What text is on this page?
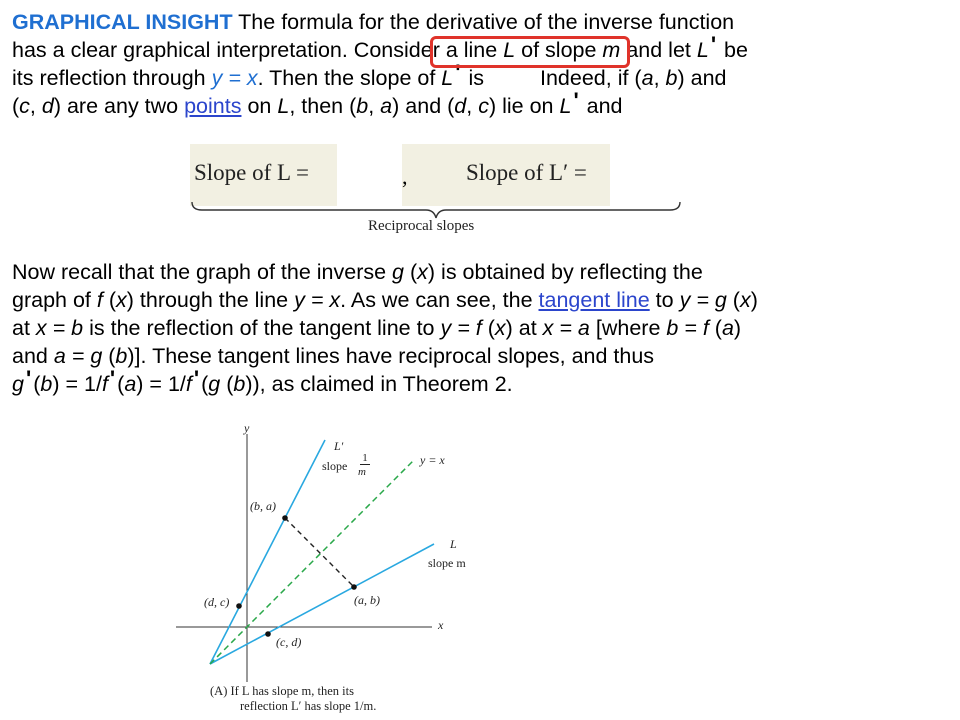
GRAPHICAL INSIGHT The formula for the derivative of the inverse function
has a clear graphical interpretation. Consider a line L of slope m and let L' be
its reflection through y = x. Then the slope of L' is	Indeed, if (a, b) and
(c, d) are any two points on L, then (b, a) and (d, c) lie on L' and
Slope of L =	,	Slope of L′ =
Reciprocal slopes
Now recall that the graph of the inverse g (x) is obtained by reflecting the
graph of f (x) through the line y = x. As we can see, the tangent line to y = g (x)
at x = b is the reflection of the tangent line to y = f (x) at x = a [where b = f (a)
and a = g (b)]. These tangent lines have reciprocal slopes, and thus
g'(b) = 1/f'(a) = 1/f'(g (b)), as claimed in Theorem 2.
y
x
L′
slope
1
m
y = x
(b, a)
L
slope m
(d, c)	(a, b)
(c, d)
(A) If L has slope m, then its
reflection L′ has slope 1/m.
